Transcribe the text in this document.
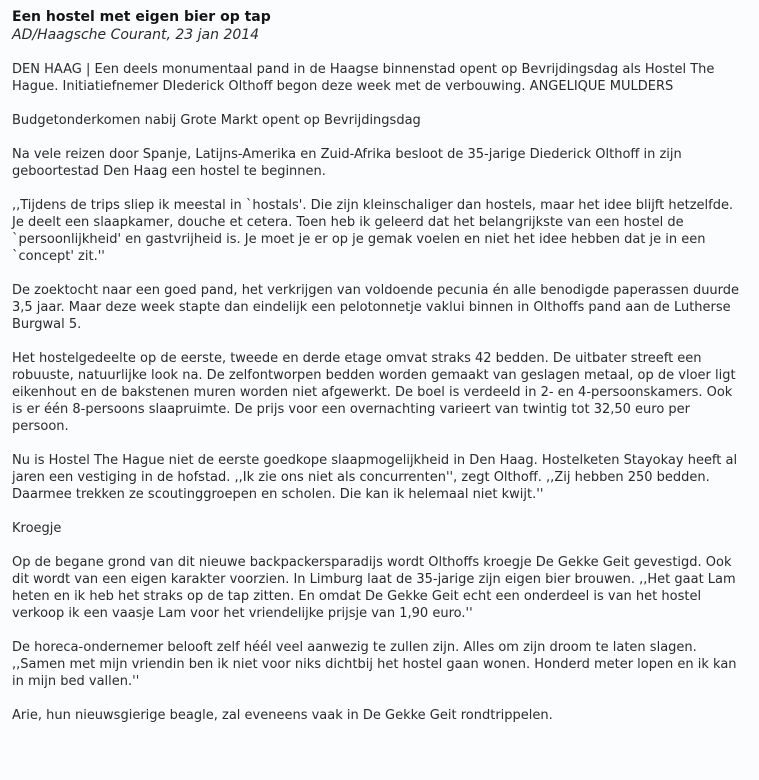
Een hostel met eigen bier op tap
AD/Haagsche Courant, 23 jan 2014

DEN HAAG | Een deels monumentaal pand in de Haagse binnenstad opent op Bevrijdingsdag als Hostel The Hague. Initiatiefnemer DIederick Olthoff begon deze week met de verbouwing. ANGELIQUE MULDERS

Budgetonderkomen nabij Grote Markt opent op Bevrijdingsdag

Na vele reizen door Spanje, Latijns-Amerika en Zuid-Afrika besloot de 35-jarige Diederick Olthoff in zijn geboortestad Den Haag een hostel te beginnen.

,,Tijdens de trips sliep ik meestal in `hostals'. Die zijn kleinschaliger dan hostels, maar het idee blijft hetzelfde. Je deelt een slaapkamer, douche et cetera. Toen heb ik geleerd dat het belangrijkste van een hostel de `persoonlijkheid' en gastvrijheid is. Je moet je er op je gemak voelen en niet het idee hebben dat je in een `concept' zit.''

De zoektocht naar een goed pand, het verkrijgen van voldoende pecunia én alle benodigde paperassen duurde 3,5 jaar. Maar deze week stapte dan eindelijk een pelotonnetje vaklui binnen in Olthoffs pand aan de Lutherse Burgwal 5.

Het hostelgedeelte op de eerste, tweede en derde etage omvat straks 42 bedden. De uitbater streeft een robuuste, natuurlijke look na. De zelfontworpen bedden worden gemaakt van geslagen metaal, op de vloer ligt eikenhout en de bakstenen muren worden niet afgewerkt. De boel is verdeeld in 2- en 4-persoonskamers. Ook is er één 8-persoons slaapruimte. De prijs voor een overnachting varieert van twintig tot 32,50 euro per persoon.

Nu is Hostel The Hague niet de eerste goedkope slaapmogelijkheid in Den Haag. Hostelketen Stayokay heeft al jaren een vestiging in de hofstad. ,,Ik zie ons niet als concurrenten'', zegt Olthoff. ,,Zij hebben 250 bedden. Daarmee trekken ze scoutinggroepen en scholen. Die kan ik helemaal niet kwijt.''

Kroegje

Op de begane grond van dit nieuwe backpackersparadijs wordt Olthoffs kroegje De Gekke Geit gevestigd. Ook dit wordt van een eigen karakter voorzien. In Limburg laat de 35-jarige zijn eigen bier brouwen. ,,Het gaat Lam heten en ik heb het straks op de tap zitten. En omdat De Gekke Geit echt een onderdeel is van het hostel verkoop ik een vaasje Lam voor het vriendelijke prijsje van 1,90 euro.''

De horeca-ondernemer belooft zelf héél veel aanwezig te zullen zijn. Alles om zijn droom te laten slagen. ,,Samen met mijn vriendin ben ik niet voor niks dichtbij het hostel gaan wonen. Honderd meter lopen en ik kan in mijn bed vallen.''

Arie, hun nieuwsgierige beagle, zal eveneens vaak in De Gekke Geit rondtrippelen.
